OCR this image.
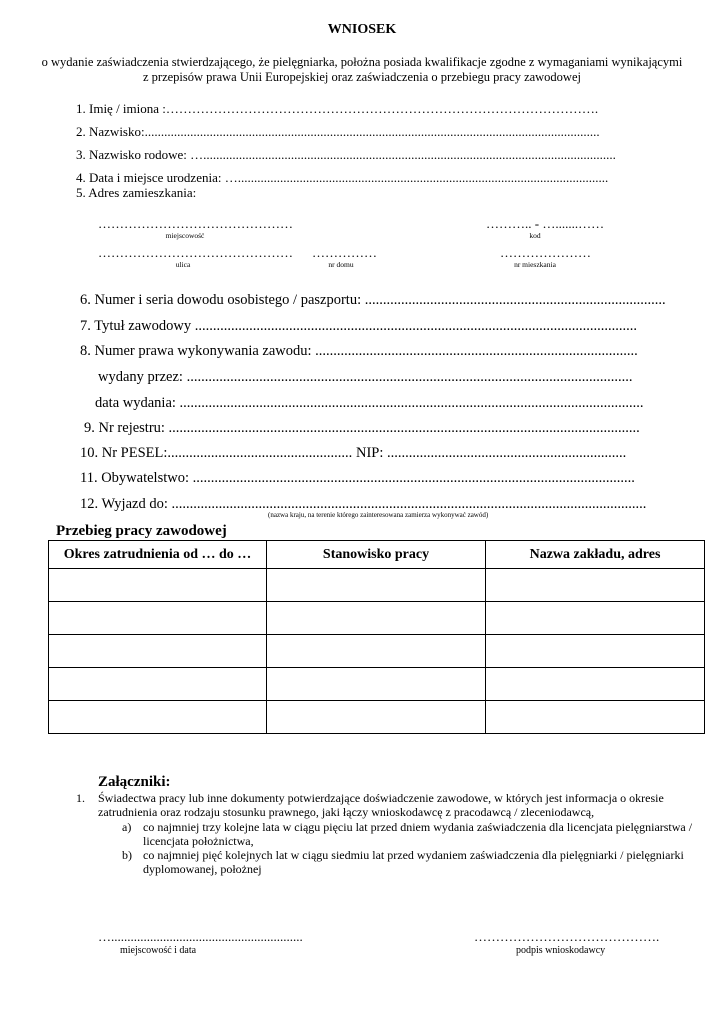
WNIOSEK
o wydanie zaświadczenia stwierdzającego, że pielęgniarka, położna posiada kwalifikacje zgodne z wymaganiami wynikającymi z przepisów prawa Unii Europejskiej oraz zaświadczenia o przebiegu pracy zawodowej
1. Imię / imiona :……………………………………………………………………………………….
2. Nazwisko:............................................................................................................................................
3. Nazwisko rodowe: …...............................................................................................................................
4. Data i miejsce urodzenia: …..................................................................................................................
5. Adres zamieszkania:
………………………………………
miejscowość
……….. - ….......……
kod
………………………………………
ulica
……………
nr domu
…………………
nr mieszkania
6. Numer i seria dowodu osobistego / paszportu: ...................................................................................
7. Tytuł zawodowy ..........................................................................................................................
8. Numer prawa wykonywania zawodu: .........................................................................................
wydany przez: ...........................................................................................................................
data wydania: ................................................................................................................................
9. Nr rejestru: ..................................................................................................................................
10. Nr PESEL:................................................... NIP: ..................................................................
11. Obywatelstwo: ..........................................................................................................................
12. Wyjazd do: ...................................................................................................................................
(nazwa kraju, na terenie którego zainteresowana zamierza wykonywać zawód)
Przebieg pracy zawodowej
Okres zatrudnienia od … do …	Stanowisko pracy	Nazwa zakładu, adres

Załączniki:
1. Świadectwa pracy lub inne dokumenty potwierdzające doświadczenie zawodowe, w których jest informacja o okresie zatrudnienia oraz rodzaju stosunku prawnego, jaki łączy wnioskodawcę z pracodawcą / zleceniodawcą,
a) co najmniej trzy kolejne lata w ciągu pięciu lat przed dniem wydania zaświadczenia dla licencjata pielęgniarstwa / licencjata położnictwa,
b) co najmniej pięć kolejnych lat w ciągu siedmiu lat przed wydaniem zaświadczenia dla pielęgniarki / pielęgniarki dyplomowanej, położnej
…...........................................................
miejscowość i data
…………………………………….
podpis wnioskodawcy
